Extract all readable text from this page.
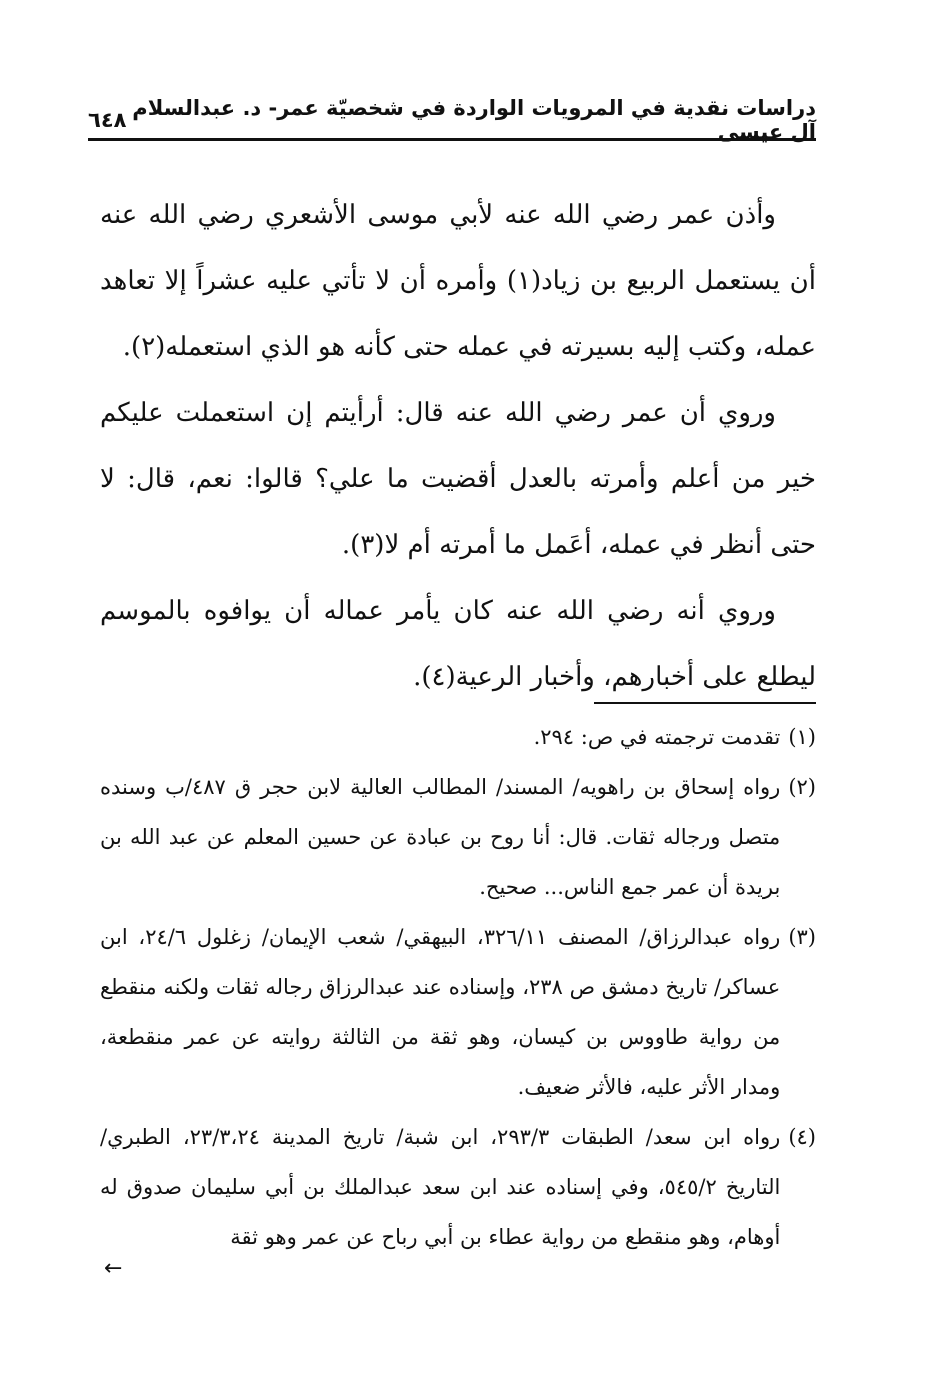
دراسات نقدية في المرويات الواردة في شخصيّة عمر- د. عبدالسلام آل عيسى
٦٤٨

وأذن عمر رضي الله عنه لأبي موسى الأشعري رضي الله عنه أن يستعمل الربيع بن زياد(١) وأمره أن لا تأتي عليه عشراً إلا تعاهد عمله، وكتب إليه بسيرته في عمله حتى كأنه هو الذي استعمله(٢).

وروي أن عمر رضي الله عنه قال: أرأيتم إن استعملت عليكم خير من أعلم وأمرته بالعدل أقضيت ما علي؟ قالوا: نعم، قال: لا حتى أنظر في عمله، أعَمل ما أمرته أم لا(٣).

وروي أنه رضي الله عنه كان يأمر عماله أن يوافوه بالموسم ليطلع على أخبارهم، وأخبار الرعية(٤).

(١)
تقدمت ترجمته في ص: ٢٩٤.
(٢)
رواه إسحاق بن راهويه/ المسند/ المطالب العالية لابن حجر ق ٤٨٧/ب وسنده متصل ورجاله ثقات. قال: أنا روح بن عبادة عن حسين المعلم عن عبد الله بن بريدة أن عمر جمع الناس... صحيح.
(٣)
رواه عبدالرزاق/ المصنف ٣٢٦/١١، البيهقي/ شعب الإيمان/ زغلول ٢٤/٦، ابن عساكر/ تاريخ دمشق ص ٢٣٨، وإسناده عند عبدالرزاق رجاله ثقات ولكنه منقطع من رواية طاووس بن كيسان، وهو ثقة من الثالثة روايته عن عمر منقطعة، ومدار الأثر عليه، فالأثر ضعيف.
(٤)
رواه ابن سعد/ الطبقات ٢٩٣/٣، ابن شبة/ تاريخ المدينة ٢٣/٣،٢٤، الطبري/ التاريخ ٥٤٥/٢، وفي إسناده عند ابن سعد عبدالملك بن أبي سليمان صدوق له أوهام، وهو منقطع من رواية عطاء بن أبي رباح عن عمر وهو ثقة
←
